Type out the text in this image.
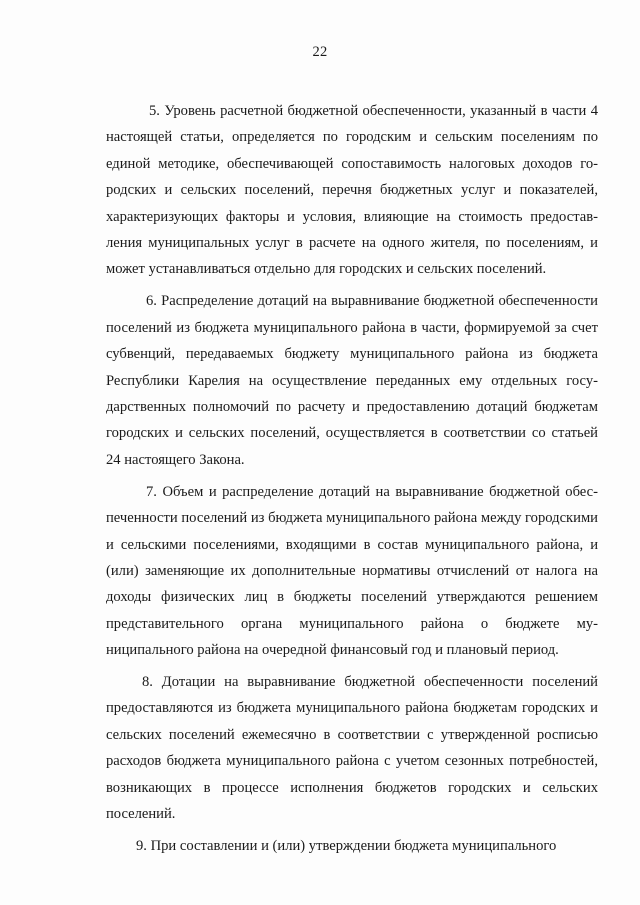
22

5. Уровень расчетной бюджетной обеспеченности, указанный в части 4 настоящей статьи, определяется по городским и сельским поселениям по единой методике, обеспечивающей сопоставимость налоговых доходов городских и сельских поселений, перечня бюджетных услуг и показателей, характеризующих факторы и условия, влияющие на стоимость предоставления муниципальных услуг в расчете на одного жителя, по поселениям, и может устанавливаться отдельно для городских и сельских поселений.

6. Распределение дотаций на выравнивание бюджетной обеспеченности поселений из бюджета муниципального района в части, формируемой за счет субвенций, передаваемых бюджету муниципального района из бюджета Республики Карелия на осуществление переданных ему отдельных государственных полномочий по расчету и предоставлению дотаций бюджетам городских и сельских поселений, осуществляется в соответствии со статьей 24 настоящего Закона.

7. Объем и распределение дотаций на выравнивание бюджетной обеспеченности поселений из бюджета муниципального района между городскими и сельскими поселениями, входящими в состав муниципального района, и (или) заменяющие их дополнительные нормативы отчислений от налога на доходы физических лиц в бюджеты поселений утверждаются решением представительного органа муниципального района о бюджете муниципального района на очередной финансовый год и плановый период.

8. Дотации на выравнивание бюджетной обеспеченности поселений предоставляются из бюджета муниципального района бюджетам городских и сельских поселений ежемесячно в соответствии с утвержденной росписью расходов бюджета муниципального района с учетом сезонных потребностей, возникающих в процессе исполнения бюджетов городских и сельских поселений.

9. При составлении и (или) утверждении бюджета муниципального
